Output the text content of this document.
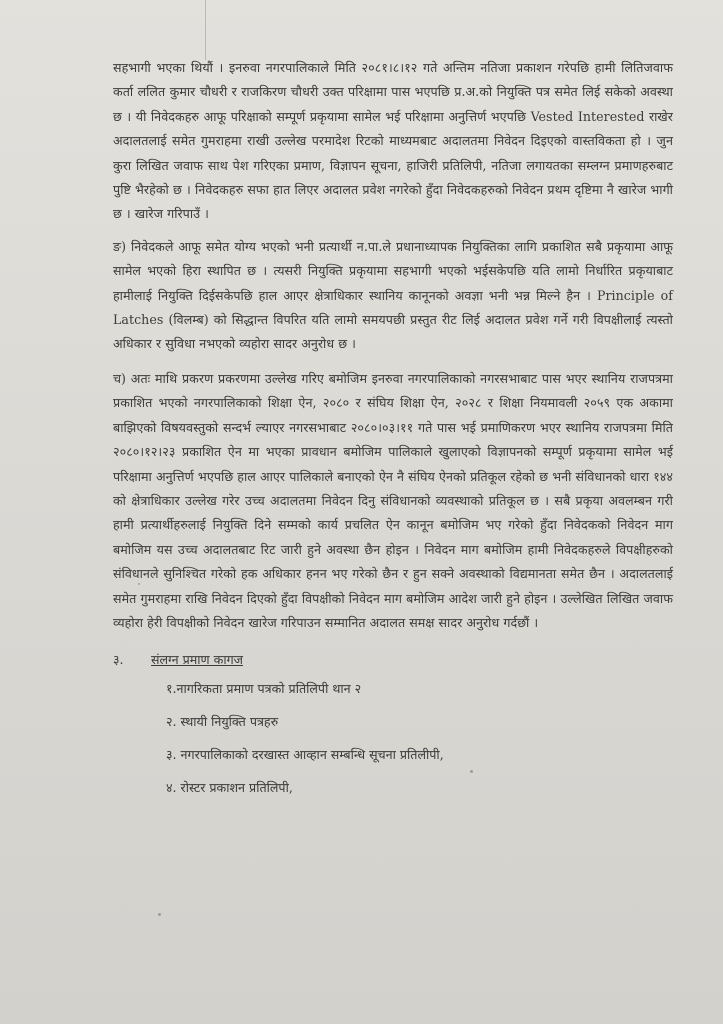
सहभागी भएका थियौं । इनरुवा नगरपालिकाले मिति २०८१।८।१२ गते अन्तिम नतिजा प्रकाशन गरेपछि हामी लितिजवाफ कर्ता ललित कुमार चौधरी र राजकिरण चौधरी उक्त परिक्षामा पास भएपछि प्र.अ.को नियुक्ति पत्र समेत लिई सकेको अवस्था छ । यी निवेदकहरु आफू परिक्षाको सम्पूर्ण प्रकृयामा सामेल भई परिक्षामा अनुत्तिर्ण भएपछि Vested Interested राखेर अदालतलाई समेत गुमराहमा राखी उल्लेख परमादेश रिटको माध्यमबाट अदालतमा निवेदन दिइएको वास्तविकता हो । जुन कुरा लिखित जवाफ साथ पेश गरिएका प्रमाण, विज्ञापन सूचना, हाजिरी प्रतिलिपी, नतिजा लगायतका सम्लग्न प्रमाणहरुबाट पुष्टि भैरहेको छ । निवेदकहरु सफा हात लिएर अदालत प्रवेश नगरेको हुँदा निवेदकहरुको निवेदन प्रथम दृष्टिमा नै खारेज भागी छ । खारेज गरिपाउँ ।

ङ) निवेदकले आफू समेत योग्य भएको भनी प्रत्यार्थी न.पा.ले प्रधानाध्यापक नियुक्तिका लागि प्रकाशित सबै प्रकृयामा आफू सामेल भएको हिरा स्थापित छ । त्यसरी नियुक्ति प्रकृयामा सहभागी भएको भईसकेपछि यति लामो निर्धारित प्रकृयाबाट हामीलाई नियुक्ति दिईसकेपछि हाल आएर क्षेत्राधिकार स्थानिय कानूनको अवज्ञा भनी भन्न मिल्ने हैन । Principle of Latches (विलम्ब) को सिद्धान्त विपरित यति लामो समयपछी प्रस्तुत रीट लिई अदालत प्रवेश गर्ने गरी विपक्षीलाई त्यस्तो अधिकार र सुविधा नभएको व्यहोरा सादर अनुरोध छ ।

च) अतः माथि प्रकरण प्रकरणमा उल्लेख गरिए बमोजिम इनरुवा नगरपालिकाको नगरसभाबाट पास भएर स्थानिय राजपत्रमा प्रकाशित भएको नगरपालिकाको शिक्षा ऐन, २०८० र संघिय शिक्षा ऐन, २०२८ र शिक्षा नियमावली २०५९ एक अकामा बाझिएको विषयवस्तुको सन्दर्भ ल्याएर नगरसभाबाट २०८०।०३।११ गते पास भई प्रमाणिकरण भएर स्थानिय राजपत्रमा मिति २०८०।१२।२३ प्रकाशित ऐन मा भएका प्रावधान बमोजिम पालिकाले खुलाएको विज्ञापनको सम्पूर्ण प्रकृयामा सामेल भई परिक्षामा अनुत्तिर्ण भएपछि हाल आएर पालिकाले बनाएको ऐन नै संघिय ऐनको प्रतिकूल रहेको छ भनी संविधानको धारा १४४ को क्षेत्राधिकार उल्लेख गरेर उच्च अदालतमा निवेदन दिनु संविधानको व्यवस्थाको प्रतिकूल छ । सबै प्रकृया अवलम्बन गरी हामी प्रत्यार्थीहरुलाई नियुक्ति दिने सम्मको कार्य प्रचलित ऐन कानून बमोजिम भए गरेको हुँदा निवेदकको निवेदन माग बमोजिम यस उच्च अदालतबाट रिट जारी हुने अवस्था छैन होइन । निवेदन माग बमोजिम हामी निवेदकहरुले विपक्षीहरुको संविधानले सुनिश्चित गरेको हक अधिकार हनन भए गरेको छैन र हुन सक्ने अवस्थाको विद्यमानता समेत छैन । अदालतलाई समेत गुमराहमा राखि निवेदन दिएको हुँदा विपक्षीको निवेदन माग बमोजिम आदेश जारी हुने होइन । उल्लेखित लिखित जवाफ व्यहोरा हेरी विपक्षीको निवेदन खारेज गरिपाउन सम्मानित अदालत समक्ष सादर अनुरोध गर्दछौं ।

३. संलग्न प्रमाण कागज
१.नागरिकता प्रमाण पत्रको प्रतिलिपी थान २
२. स्थायी नियुक्ति पत्रहरु
३. नगरपालिकाको दरखास्त आव्हान सम्बन्धि सूचना प्रतिलीपी,
४. रोस्टर प्रकाशन प्रतिलिपी,
